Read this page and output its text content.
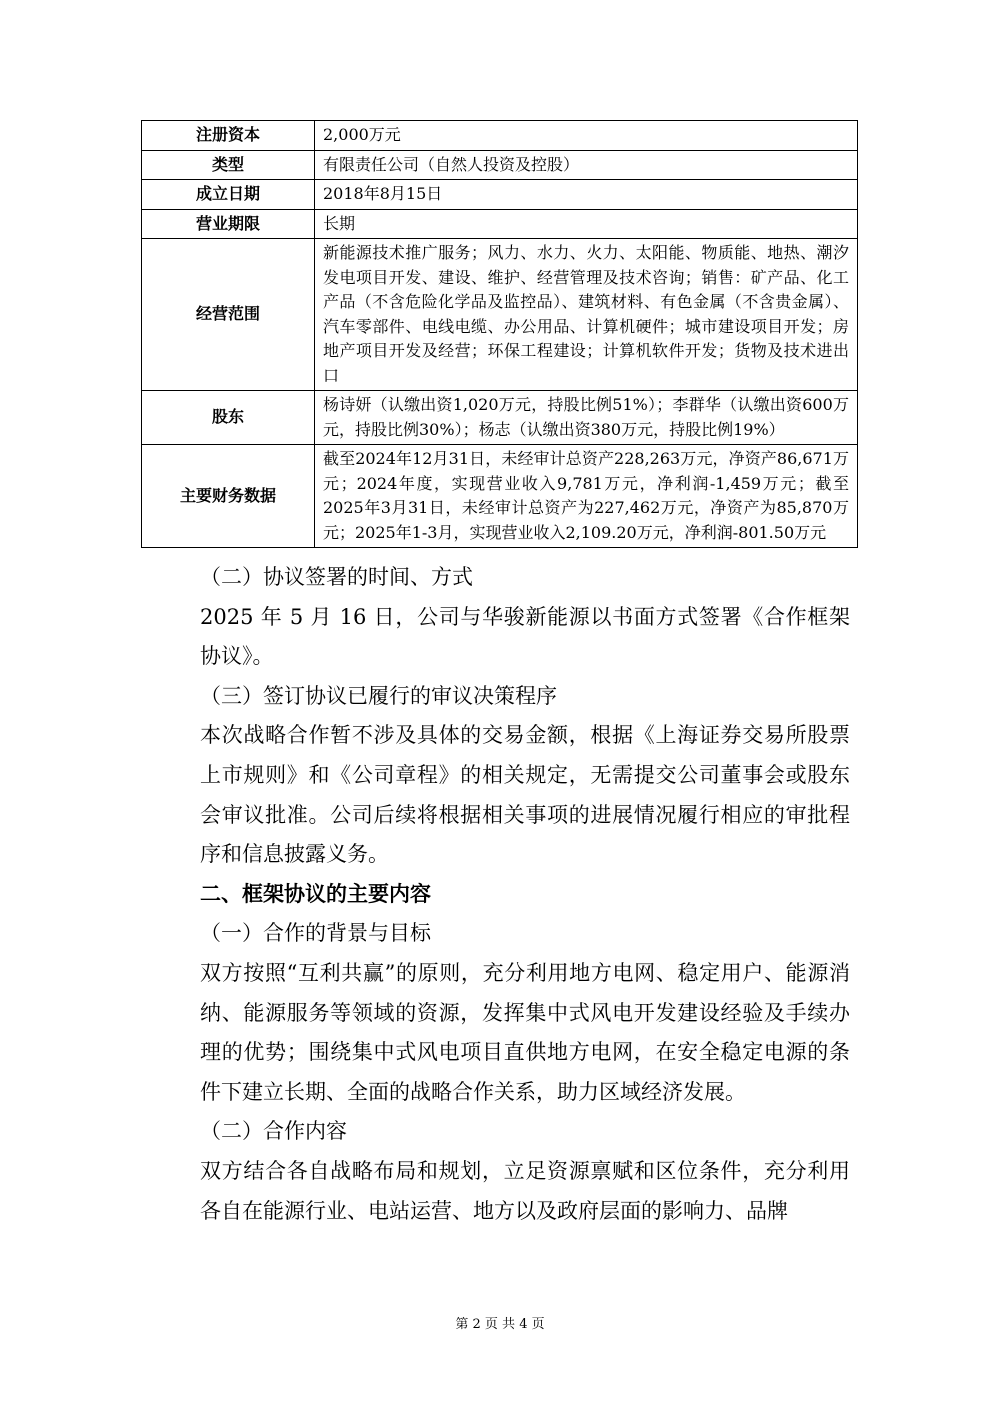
注册资本	2,000万元
类型	有限责任公司（自然人投资及控股）
成立日期	2018年8月15日
营业期限	长期
经营范围	新能源技术推广服务；风力、水力、火力、太阳能、物质能、地热、潮汐发电项目开发、建设、维护、经营管理及技术咨询；销售：矿产品、化工产品（不含危险化学品及监控品）、建筑材料、有色金属（不含贵金属）、汽车零部件、电线电缆、办公用品、计算机硬件；城市建设项目开发；房地产项目开发及经营；环保工程建设；计算机软件开发；货物及技术进出口
股东	杨诗妍（认缴出资1,020万元，持股比例51%）；李群华（认缴出资600万元，持股比例30%）；杨志（认缴出资380万元，持股比例19%）
主要财务数据	截至2024年12月31日，未经审计总资产228,263万元，净资产86,671万元；2024年度，实现营业收入9,781万元，净利润-1,459万元；截至2025年3月31日，未经审计总资产为227,462万元，净资产为85,870万元；2025年1-3月，实现营业收入2,109.20万元，净利润-801.50万元

（二）协议签署的时间、方式

2025 年 5 月 16 日，公司与华骏新能源以书面方式签署《合作框架协议》。

（三）签订协议已履行的审议决策程序

本次战略合作暂不涉及具体的交易金额，根据《上海证券交易所股票上市规则》和《公司章程》的相关规定，无需提交公司董事会或股东会审议批准。公司后续将根据相关事项的进展情况履行相应的审批程序和信息披露义务。

二、框架协议的主要内容

（一）合作的背景与目标

双方按照“互利共赢”的原则，充分利用地方电网、稳定用户、能源消纳、能源服务等领域的资源，发挥集中式风电开发建设经验及手续办理的优势；围绕集中式风电项目直供地方电网，在安全稳定电源的条件下建立长期、全面的战略合作关系，助力区域经济发展。

（二）合作内容

双方结合各自战略布局和规划，立足资源禀赋和区位条件，充分利用各自在能源行业、电站运营、地方以及政府层面的影响力、品牌

第 2 页 共 4 页
